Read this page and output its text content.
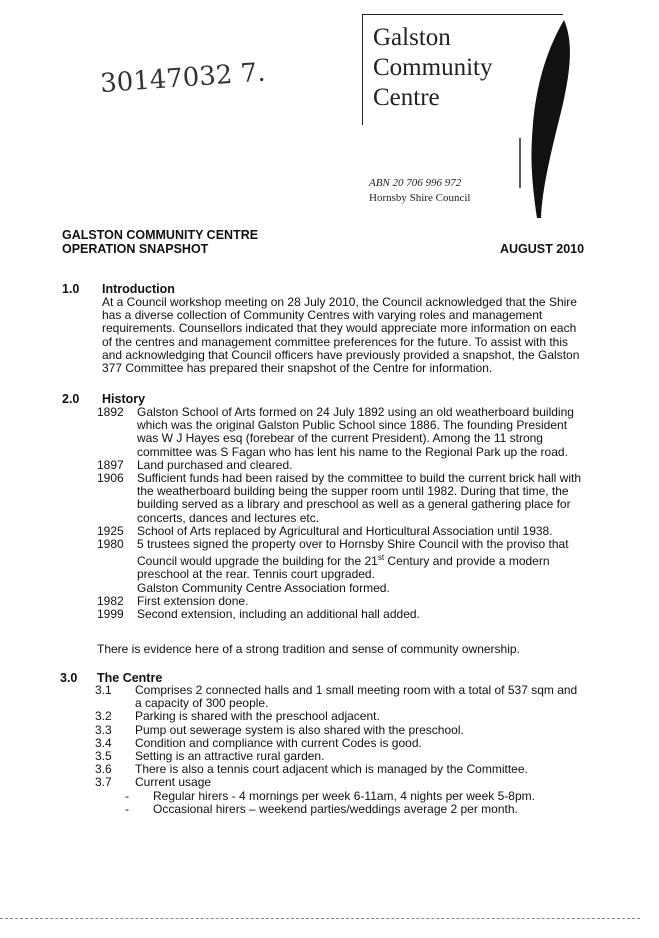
30147032 7.
Galston
Community
Centre
ABN 20 706 996 972
Hornsby Shire Council
GALSTON COMMUNITY CENTRE
OPERATION SNAPSHOT	AUGUST 2010
1.0 Introduction
At a Council workshop meeting on 28 July 2010, the Council acknowledged that the Shire
has a diverse collection of Community Centres with varying roles and management
requirements. Counsellors indicated that they would appreciate more information on each
of the centres and management committee preferences for the future. To assist with this
and acknowledging that Council officers have previously provided a snapshot, the Galston
377 Committee has prepared their snapshot of the Centre for information.
2.0 History
1892	Galston School of Arts formed on 24 July 1892 using an old weatherboard building
which was the original Galston Public School since 1886. The founding President
was W J Hayes esq (forebear of the current President). Among the 11 strong
committee was S Fagan who has lent his name to the Regional Park up the road.
1897	Land purchased and cleared.
1906	Sufficient funds had been raised by the committee to build the current brick hall with
the weatherboard building being the supper room until 1982. During that time, the
building served as a library and preschool as well as a general gathering place for
concerts, dances and lectures etc.
1925	School of Arts replaced by Agricultural and Horticultural Association until 1938.
1980	5 trustees signed the property over to Hornsby Shire Council with the proviso that
Council would upgrade the building for the 21st Century and provide a modern
preschool at the rear. Tennis court upgraded.
Galston Community Centre Association formed.
1982	First extension done.
1999	Second extension, including an additional hall added.
There is evidence here of a strong tradition and sense of community ownership.
3.0 The Centre
3.1	Comprises 2 connected halls and 1 small meeting room with a total of 537 sqm and
a capacity of 300 people.
3.2	Parking is shared with the preschool adjacent.
3.3	Pump out sewerage system is also shared with the preschool.
3.4	Condition and compliance with current Codes is good.
3.5	Setting is an attractive rural garden.
3.6	There is also a tennis court adjacent which is managed by the Committee.
3.7	Current usage
-	Regular hirers - 4 mornings per week 6-11am, 4 nights per week 5-8pm.
-	Occasional hirers – weekend parties/weddings average 2 per month.
